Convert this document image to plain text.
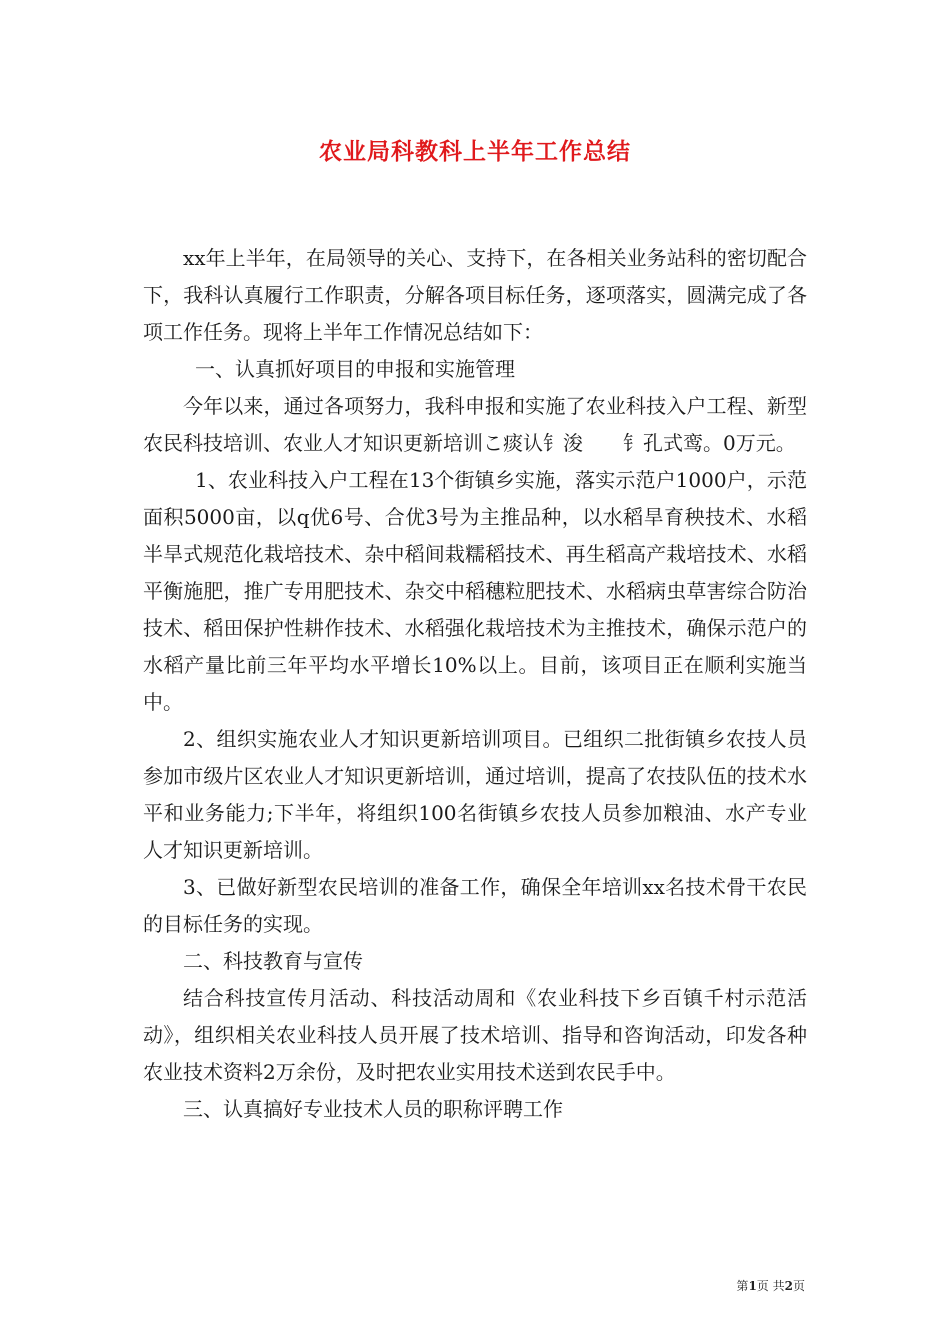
农业局科教科上半年工作总结

xx年上半年，在局领导的关心、支持下，在各相关业务站科的密切配合下，我科认真履行工作职责，分解各项目标任务，逐项落实，圆满完成了各项工作任务。现将上半年工作情况总结如下：

一、认真抓好项目的申报和实施管理

今年以来，通过各项努力，我科申报和实施了农业科技入户工程、新型农民科技培训、农业人才知识更新培训こ痰认钅浚　　钅孔式鸾。0万元。

1、农业科技入户工程在13个街镇乡实施，落实示范户1000户，示范面积5000亩，以q优6号、合优3号为主推品种，以水稻旱育秧技术、水稻半旱式规范化栽培技术、杂中稻间栽糯稻技术、再生稻高产栽培技术、水稻平衡施肥，推广专用肥技术、杂交中稻穗粒肥技术、水稻病虫草害综合防治技术、稻田保护性耕作技术、水稻强化栽培技术为主推技术，确保示范户的水稻产量比前三年平均水平增长10%以上。目前，该项目正在顺利实施当中。

2、组织实施农业人才知识更新培训项目。已组织二批街镇乡农技人员参加市级片区农业人才知识更新培训，通过培训，提高了农技队伍的技术水平和业务能力;下半年，将组织100名街镇乡农技人员参加粮油、水产专业人才知识更新培训。

3、已做好新型农民培训的准备工作，确保全年培训xx名技术骨干农民的目标任务的实现。

二、科技教育与宣传

结合科技宣传月活动、科技活动周和《农业科技下乡百镇千村示范活动》，组织相关农业科技人员开展了技术培训、指导和咨询活动，印发各种农业技术资料2万余份，及时把农业实用技术送到农民手中。

三、认真搞好专业技术人员的职称评聘工作

第1页 共2页
